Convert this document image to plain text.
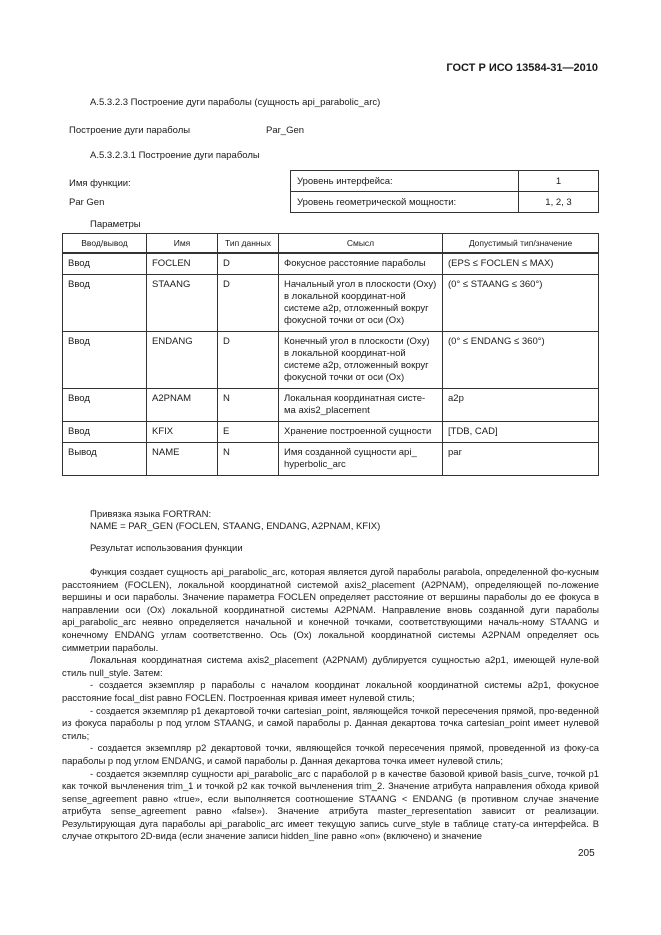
ГОСТ Р ИСО 13584-31—2010
А.5.3.2.3 Построение дуги параболы (сущность api_parabolic_arc)
Построение дуги параболы	Par_Gen
А.5.3.2.3.1 Построение дуги параболы
Имя функции:
Par Gen
Уровень интерфейса:	1
Уровень геометрической мощности:	1, 2, 3
Параметры
Ввод/вывод	Имя	Тип данных	Смысл	Допустимый тип/значение
Ввод	FOCLEN	D	Фокусное расстояние параболы	(EPS ≤ FOCLEN ≤ MAX)
Ввод	STAANG	D	Начальный угол в плоскости (Oxy) в локальной координат-ной системе a2p, отложенный вокруг фокусной точки от оси (Ox)	(0° ≤ STAANG ≤ 360°)
Ввод	ENDANG	D	Конечный угол в плоскости (Oxy) в локальной координат-ной системе a2p, отложенный вокруг фокусной точки от оси (Ox)	(0° ≤ ENDANG ≤ 360°)
Ввод	A2PNAM	N	Локальная координатная систе-ма axis2_placement	a2p
Ввод	KFIX	E	Хранение построенной сущности	[TDB, CAD]
Вывод	NAME	N	Имя созданной сущности api_ hyperbolic_arc	par
Привязка языка FORTRAN:
NAME = PAR_GEN (FOCLEN, STAANG, ENDANG, A2PNAM, KFIX)
Результат использования функции

Функция создает сущность api_parabolic_arc, которая является дугой параболы parabola, определенной фо-кусным расстоянием (FOCLEN), локальной координатной системой axis2_placement (A2PNAM), определяющей по-ложение вершины и оси параболы. Значение параметра FOCLEN определяет расстояние от вершины параболы до ее фокуса в направлении оси (Ox) локальной координатной системы A2PNAM. Направление вновь созданной дуги параболы api_parabolic_arc неявно определяется начальной и конечной точками, соответствующими началь-ному STAANG и конечному ENDANG углам соответственно. Ось (Ox) локальной координатной системы A2PNAM определяет ось симметрии параболы.

Локальная координатная система axis2_placement (A2PNAM) дублируется сущностью a2p1, имеющей нуле-вой стиль null_style. Затем:

- создается экземпляр p параболы с началом координат локальной координатной системы a2p1, фокусное расстояние focal_dist равно FOCLEN. Построенная кривая имеет нулевой стиль;

- создается экземпляр p1 декартовой точки cartesian_point, являющейся точкой пересечения прямой, про-веденной из фокуса параболы p под углом STAANG, и самой параболы p. Данная декартова точка cartesian_point имеет нулевой стиль;

- создается экземпляр p2 декартовой точки, являющейся точкой пересечения прямой, проведенной из фоку-са параболы p под углом ENDANG, и самой параболы p. Данная декартова точка имеет нулевой стиль;

- создается экземпляр сущности api_parabolic_arc с параболой p в качестве базовой кривой basis_curve, точкой p1 как точкой вычленения trim_1 и точкой p2 как точкой вычленения trim_2. Значение атрибута направления обхода кривой sense_agreement равно «true», если выполняется соотношение STAANG < ENDANG (в противном случае значение атрибута sense_agreement равно «false»). Значение атрибута master_representation зависит от реализации. Результирующая дуга параболы api_parabolic_arc имеет текущую запись curve_style в таблице стату-са интерфейса. В случае открытого 2D-вида (если значение записи hidden_line равно «on» (включено) и значение

205
